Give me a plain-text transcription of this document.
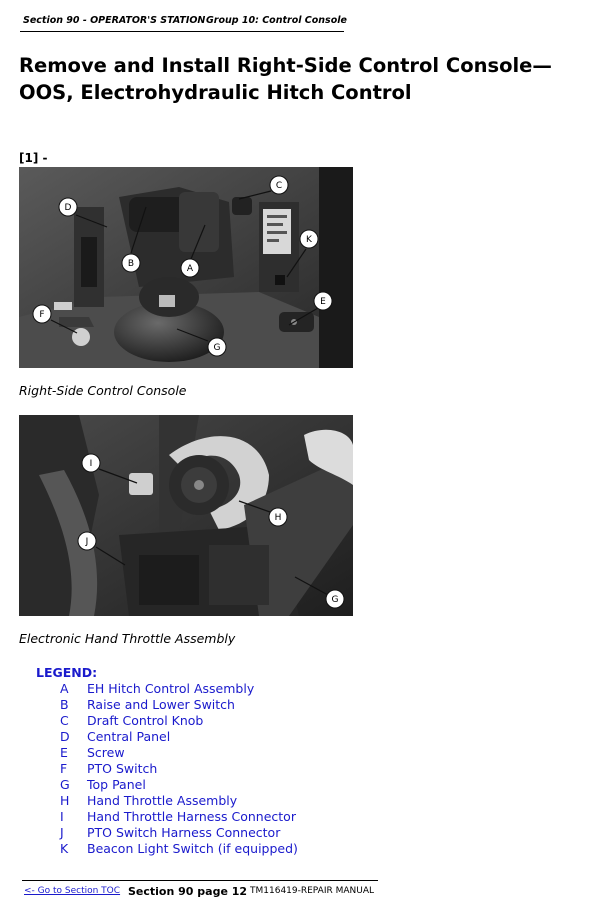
Section 90 - OPERATOR'S STATION Group 10: Control Console
Remove and Install Right-Side Control Console—OOS, Electrohydraulic Hitch Control
[1] -
D
B	A
C
K
E
F
G
Right-Side Control Console
I
H
J
G
Electronic Hand Throttle Assembly
LEGEND:
A	EH Hitch Control Assembly
B	Raise and Lower Switch
C	Draft Control Knob
D	Central Panel
E	Screw
F	PTO Switch
G	Top Panel
H	Hand Throttle Assembly
I	Hand Throttle Harness Connector
J	PTO Switch Harness Connector
K	Beacon Light Switch (if equipped)
<- Go to Section TOC Section 90 page 12 TM116419-REPAIR MANUAL
